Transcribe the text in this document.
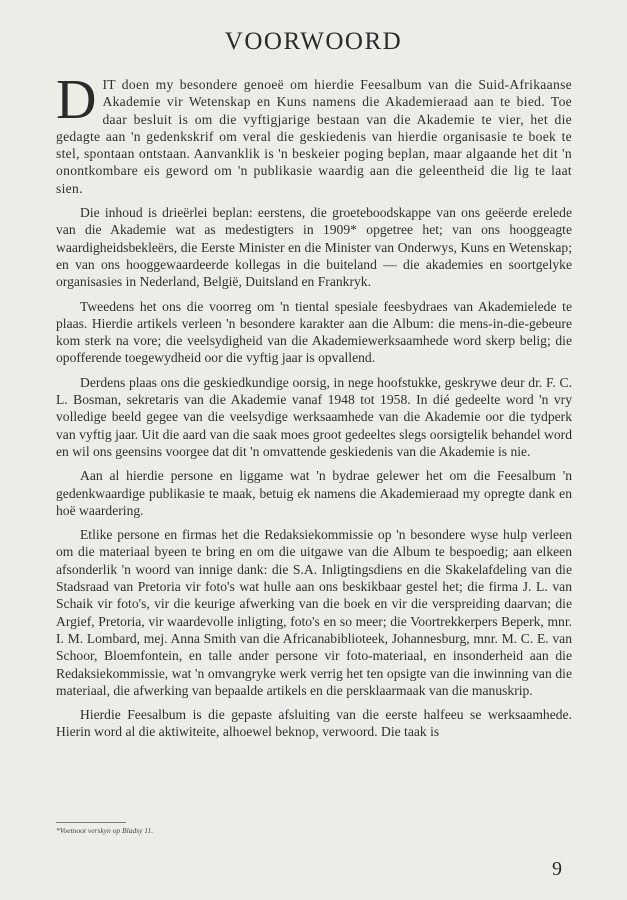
VOORWOORD

DIT doen my besondere genoeë om hierdie Feesalbum van die Suid-Afrikaanse Akademie vir Wetenskap en Kuns namens die Akademieraad aan te bied. Toe daar besluit is om die vyftigjarige bestaan van die Akademie te vier, het die gedagte aan 'n gedenkskrif om veral die geskiedenis van hierdie organisasie te boek te stel, spontaan ontstaan. Aanvanklik is 'n beskeier poging beplan, maar algaande het dit 'n onontkombare eis geword om 'n publikasie waardig aan die geleentheid die lig te laat sien.

Die inhoud is drieërlei beplan: eerstens, die groeteboodskappe van ons geëerde erelede van die Akademie wat as medestigters in 1909* opgetree het; van ons hooggeagte waardigheidsbekleërs, die Eerste Minister en die Minister van Onderwys, Kuns en Wetenskap; en van ons hooggewaardeerde kollegas in die buiteland — die akademies en soortgelyke organisasies in Nederland, België, Duitsland en Frankryk.

Tweedens het ons die voorreg om 'n tiental spesiale feesbydraes van Akademielede te plaas. Hierdie artikels verleen 'n besondere karakter aan die Album: die mens-in-die-gebeure kom sterk na vore; die veelsydigheid van die Akademiewerksaamhede word skerp belig; die opofferende toegewydheid oor die vyftig jaar is opvallend.

Derdens plaas ons die geskiedkundige oorsig, in nege hoofstukke, geskrywe deur dr. F. C. L. Bosman, sekretaris van die Akademie vanaf 1948 tot 1958. In dié gedeelte word 'n vry volledige beeld gegee van die veelsydige werksaamhede van die Akademie oor die tydperk van vyftig jaar. Uit die aard van die saak moes groot gedeeltes slegs oorsigtelik behandel word en wil ons geensins voorgee dat dit 'n omvattende geskiedenis van die Akademie is nie.

Aan al hierdie persone en liggame wat 'n bydrae gelewer het om die Feesalbum 'n gedenkwaardige publikasie te maak, betuig ek namens die Akademieraad my opregte dank en hoë waardering.

Etlike persone en firmas het die Redaksiekommissie op 'n besondere wyse hulp verleen om die materiaal byeen te bring en om die uitgawe van die Album te bespoedig; aan elkeen afsonderlik 'n woord van innige dank: die S.A. Inligtingsdiens en die Skakelafdeling van die Stadsraad van Pretoria vir foto's wat hulle aan ons beskikbaar gestel het; die firma J. L. van Schaik vir foto's, vir die keurige afwerking van die boek en vir die verspreiding daarvan; die Argief, Pretoria, vir waardevolle inligting, foto's en so meer; die Voortrekkerpers Beperk, mnr. I. M. Lombard, mej. Anna Smith van die Africanabiblioteek, Johannesburg, mnr. M. C. E. van Schoor, Bloemfontein, en talle ander persone vir foto-materiaal, en insonderheid aan die Redaksiekommissie, wat 'n omvangryke werk verrig het ten opsigte van die inwinning van die materiaal, die afwerking van bepaalde artikels en die persklaarmaak van die manuskrip.

Hierdie Feesalbum is die gepaste afsluiting van die eerste halfeeu se werksaamhede. Hierin word al die aktiwiteite, alhoewel beknop, verwoord. Die taak is

*Voetnoot verskyn op Bladsy 11.
9
